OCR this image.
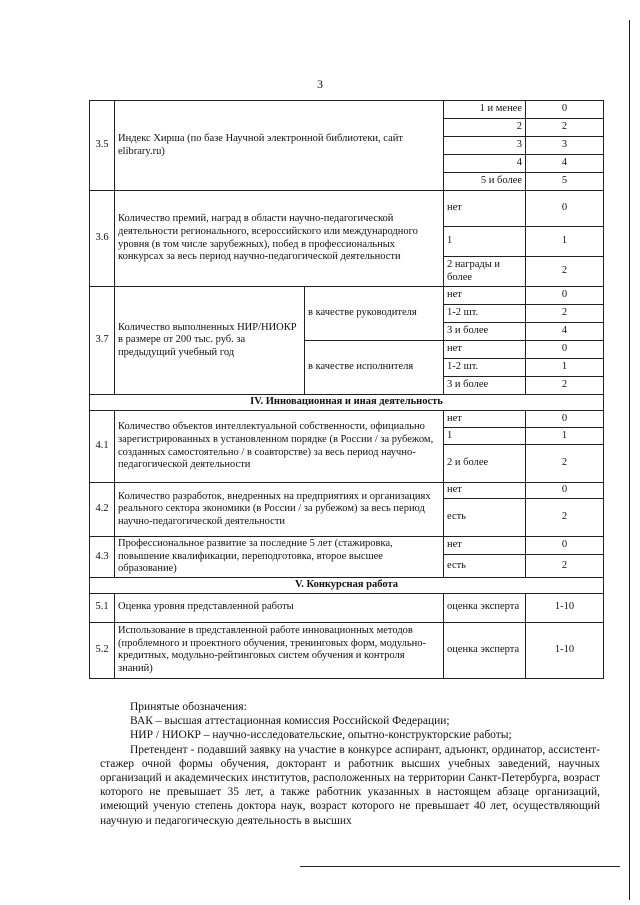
3
3.5	Индекс Хирша (по базе Научной электронной библиотеки, сайт elibrary.ru)		1 и менее	0
			2	2
			3	3
			4	4
			5 и более	5
3.6	Количество премий, наград в области научно-педагогической деятельности регионального, всероссийского или международного уровня (в том числе зарубежных), побед в профессиональных конкурсах за весь период научно-педагогической деятельности		нет	0
			1	1
			2 награды и более	2
3.7	Количество выполненных НИР/НИОКР в размере от 200 тыс. руб. за предыдущий учебный год	в качестве руководителя	нет	0
			1-2 шт.	2
			3 и более	4
		в качестве исполнителя	нет	0
			1-2 шт.	1
			3 и более	2
IV. Инновационная и иная деятельность				
4.1	Количество объектов интеллектуальной собственности, официально зарегистрированных в установленном порядке (в России / за рубежом, созданных самостоятельно / в соавторстве) за весь период научно-педагогической деятельности		нет	0
			1	1
			2 и более	2
4.2	Количество разработок, внедренных на предприятиях и организациях реального сектора экономики (в России / за рубежом) за весь период научно-педагогической деятельности		нет	0
			есть	2
4.3	Профессиональное развитие за последние 5 лет (стажировка, повышение квалификации, переподготовка, второе высшее образование)		нет	0
			есть	2
V. Конкурсная работа				
5.1	Оценка уровня представленной работы		оценка эксперта	1-10
5.2	Использование в представленной работе инновационных методов (проблемного и проектного обучения, тренинговых форм, модульно-кредитных, модульно-рейтинговых систем обучения и контроля знаний)		оценка эксперта	1-10

Принятые обозначения:

ВАК – высшая аттестационная комиссия Российской Федерации;

НИР / НИОКР – научно-исследовательские, опытно-конструкторские работы;

Претендент - подавший заявку на участие в конкурсе аспирант, адъюнкт, ординатор, ассистент-стажер очной формы обучения, докторант и работник высших учебных заведений, научных организаций и академических институтов, расположенных на территории Санкт-Петербурга, возраст которого не превышает 35 лет, а также работник указанных в настоящем абзаце организаций, имеющий ученую степень доктора наук, возраст которого не превышает 40 лет, осуществляющий научную и педагогическую деятельность в высших
